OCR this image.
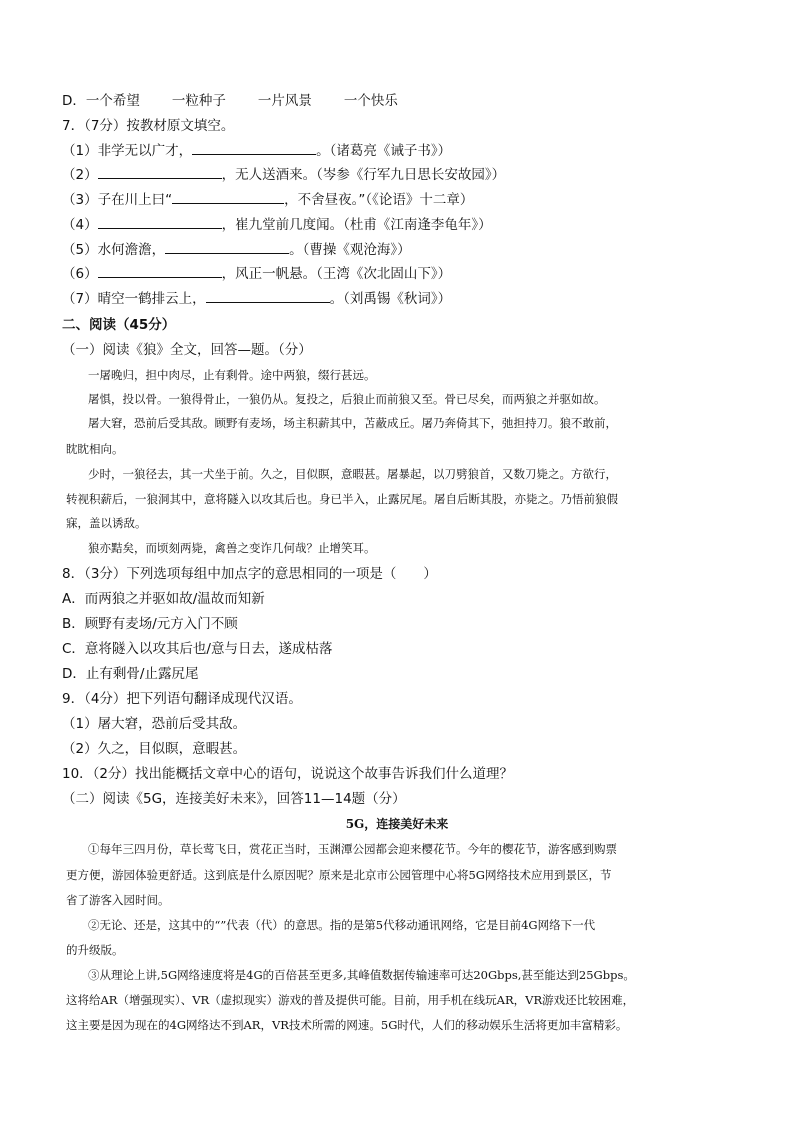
D．一个希望 一粒种子 一片风景 一个快乐
7．（7分）按教材原文填空。
（1）非学无以广才，	。（诸葛亮《诫子书》）
（2）	，无人送酒来。（岑参《行军九日思长安故园》）
（3）子在川上曰“	，不舍昼夜。”（《论语》十二章）
（4）	，崔九堂前几度闻。（杜甫《江南逢李龟年》）
（5）水何澹澹，	。（曹操《观沧海》）
（6）	，风正一帆悬。（王湾《次北固山下》）
（7）晴空一鹤排云上，	。（刘禹锡《秋词》）
二、阅读（45分）
（一）阅读《狼》全文，回答—题。（分）
一屠晚归，担中肉尽，止有剩骨。途中两狼，缀行甚远。
屠惧，投以骨。一狼得骨止，一狼仍从。复投之，后狼止而前狼又至。骨已尽矣，而两狼之并驱如故。
屠大窘，恐前后受其敌。顾野有麦场，场主积薪其中，苫蔽成丘。屠乃奔倚其下，弛担持刀。狼不敢前，
眈眈相向。
少时，一狼径去，其一犬坐于前。久之，目似瞑，意暇甚。屠暴起，以刀劈狼首，又数刀毙之。方欲行，
转视积薪后，一狼洞其中，意将隧入以攻其后也。身已半入，止露尻尾。屠自后断其股，亦毙之。乃悟前狼假
寐，盖以诱敌。
狼亦黠矣，而顷刻两毙，禽兽之变诈几何哉？止增笑耳。
8．（3分）下列选项每组中加点字的意思相同的一项是（　　）
A．而两狼之并驱如故/温故而知新
B．顾野有麦场/元方入门不顾
C．意将隧入以攻其后也/意与日去，遂成枯落
D．止有剩骨/止露尻尾
9．（4分）把下列语句翻译成现代汉语。
（1）屠大窘，恐前后受其敌。
（2）久之，目似瞑，意暇甚。
10．（2分）找出能概括文章中心的语句，说说这个故事告诉我们什么道理？
（二）阅读《5G，连接美好未来》，回答11—14题（分）
5G，连接美好未来
①每年三四月份，草长莺飞日，赏花正当时，玉渊潭公园都会迎来樱花节。今年的樱花节，游客感到购票
更方便，游园体验更舒适。这到底是什么原因呢？原来是北京市公园管理中心将5G网络技术应用到景区，节
省了游客入园时间。
②无论、还是，这其中的“”代表（代）的意思。指的是第5代移动通讯网络，它是目前4G网络下一代
的升级版。
③从理论上讲,5G网络速度将是4G的百倍甚至更多,其峰值数据传输速率可达20Gbps,甚至能达到25Gbps。
这将给AR（增强现实）、VR（虚拟现实）游戏的普及提供可能。目前，用手机在线玩AR，VR游戏还比较困难，
这主要是因为现在的4G网络达不到AR，VR技术所需的网速。5G时代，人们的移动娱乐生活将更加丰富精彩。
